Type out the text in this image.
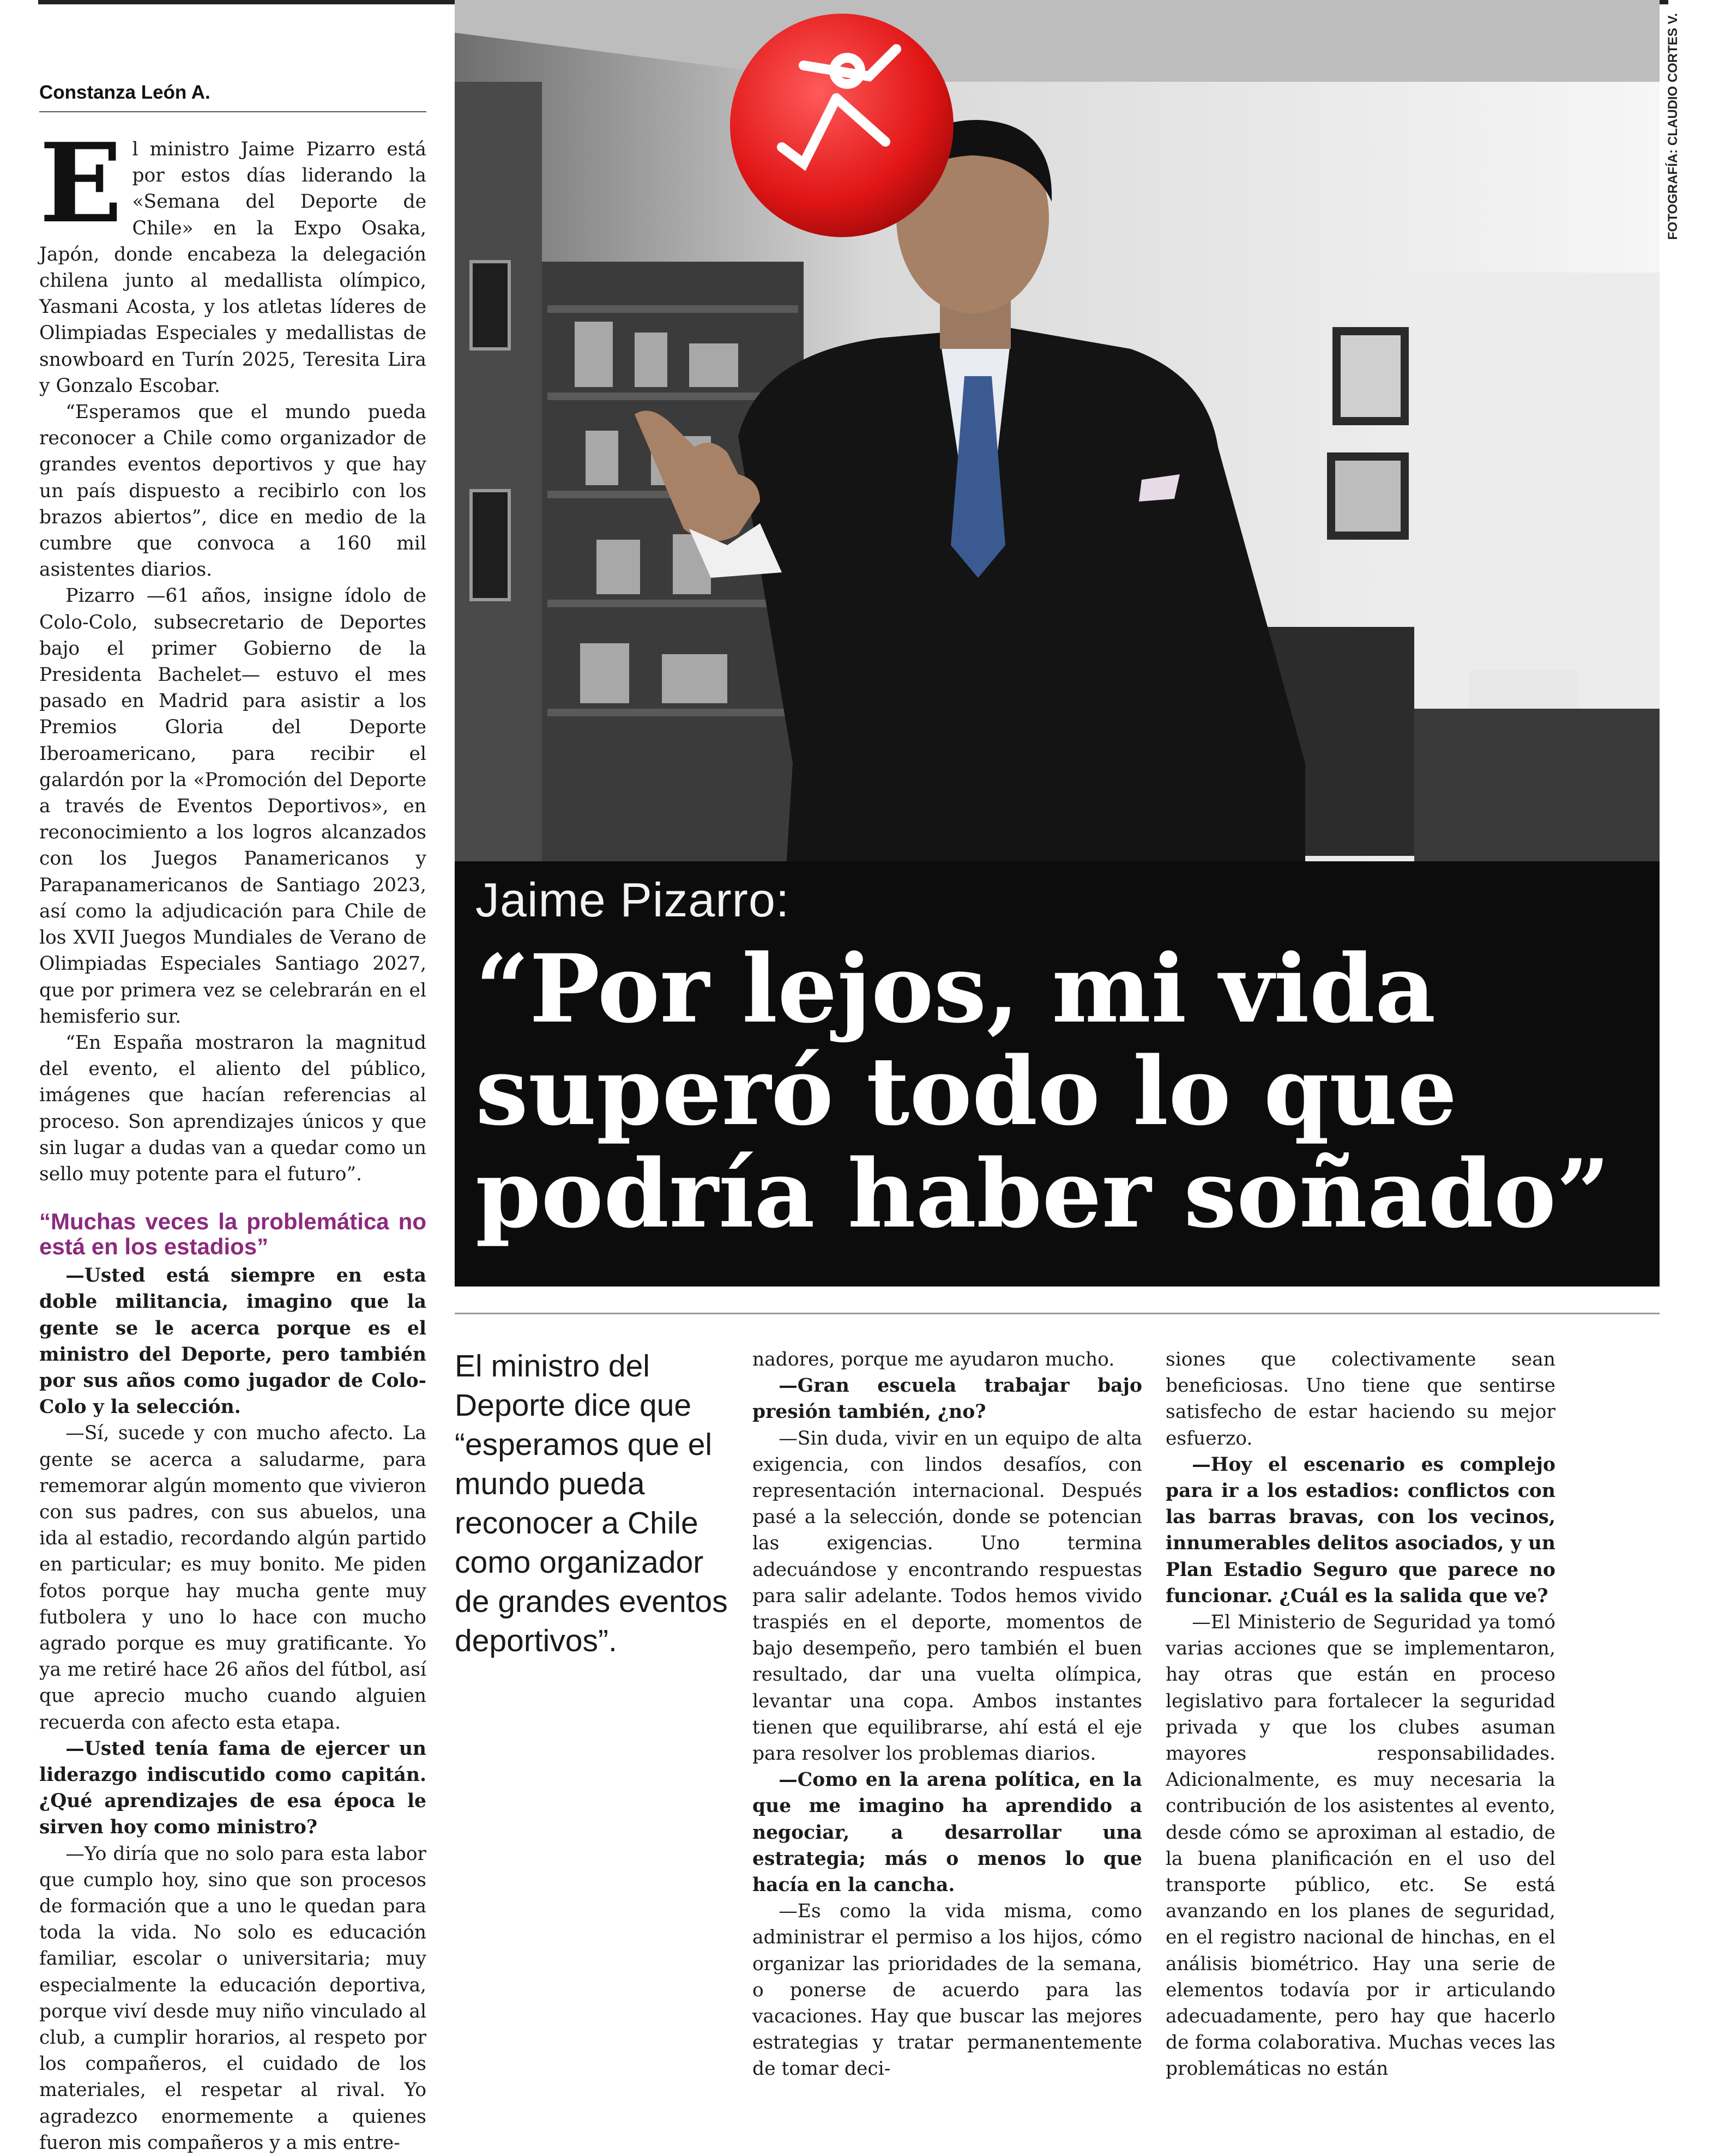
Constanza León A.

El ministro Jaime Pizarro está por estos días liderando la «Semana del Deporte de Chile» en la Expo Osaka, Japón, donde encabeza la delegación chilena junto al medallista olímpico, Yasmani Acosta, y los atletas líderes de Olimpiadas Especiales y medallistas de snowboard en Turín 2025, Teresita Lira y Gonzalo Escobar.

“Esperamos que el mundo pueda reconocer a Chile como organizador de grandes eventos deportivos y que hay un país dispuesto a recibirlo con los brazos abiertos”, dice en medio de la cumbre que convoca a 160 mil asistentes diarios.

Pizarro —61 años, insigne ídolo de Colo-Colo, subsecretario de Deportes bajo el primer Gobierno de la Presidenta Bachelet— estuvo el mes pasado en Madrid para asistir a los Premios Gloria del Deporte Iberoamericano, para recibir el galardón por la «Promoción del Deporte a través de Eventos Deportivos», en reconocimiento a los logros alcanzados con los Juegos Panamericanos y Parapanamericanos de Santiago 2023, así como la adjudicación para Chile de los XVII Juegos Mundiales de Verano de Olimpiadas Especiales Santiago 2027, que por primera vez se celebrarán en el hemisferio sur.

“En España mostraron la magnitud del evento, el aliento del público, imágenes que hacían referencias al proceso. Son aprendizajes únicos y que sin lugar a dudas van a quedar como un sello muy potente para el futuro”.

“Muchas veces la problemática no está en los estadios”

—Usted está siempre en esta doble militancia, imagino que la gente se le acerca porque es el ministro del Deporte, pero también por sus años como jugador de Colo-Colo y la selección.

—Sí, sucede y con mucho afecto. La gente se acerca a saludarme, para rememorar algún momento que vivieron con sus padres, con sus abuelos, una ida al estadio, recordando algún partido en particular; es muy bonito. Me piden fotos porque hay mucha gente muy futbolera y uno lo hace con mucho agrado porque es muy gratificante. Yo ya me retiré hace 26 años del fútbol, así que aprecio mucho cuando alguien recuerda con afecto esta etapa.

—Usted tenía fama de ejercer un liderazgo indiscutido como capitán. ¿Qué aprendizajes de esa época le sirven hoy como ministro?

—Yo diría que no solo para esta labor que cumplo hoy, sino que son procesos de formación que a uno le quedan para toda la vida. No solo es educación familiar, escolar o universitaria; muy especialmente la educación deportiva, porque viví desde muy niño vinculado al club, a cumplir horarios, al respeto por los compañeros, el cuidado de los materiales, el respetar al rival. Yo agradezco enormemente a quienes fueron mis compañeros y a mis entre-

FOTOGRAFÍA: CLAUDIO CORTES V.
Jaime Pizarro:
“Por lejos, mi vida
superó todo lo que
podría haber soñado”
El ministro del Deporte dice que “esperamos que el mundo pueda reconocer a Chile como organizador de grandes eventos deportivos”.

nadores, porque me ayudaron mucho.

—Gran escuela trabajar bajo presión también, ¿no?

—Sin duda, vivir en un equipo de alta exigencia, con lindos desafíos, con representación internacional. Después pasé a la selección, donde se potencian las exigencias. Uno termina adecuándose y encontrando respuestas para salir adelante. Todos hemos vivido traspiés en el deporte, momentos de bajo desempeño, pero también el buen resultado, dar una vuelta olímpica, levantar una copa. Ambos instantes tienen que equilibrarse, ahí está el eje para resolver los problemas diarios.

—Como en la arena política, en la que me imagino ha aprendido a negociar, a desarrollar una estrategia; más o menos lo que hacía en la cancha.

—Es como la vida misma, como administrar el permiso a los hijos, cómo organizar las prioridades de la semana, o ponerse de acuerdo para las vacaciones. Hay que buscar las mejores estrategias y tratar permanentemente de tomar deci-

siones que colectivamente sean beneficiosas. Uno tiene que sentirse satisfecho de estar haciendo su mejor esfuerzo.

—Hoy el escenario es complejo para ir a los estadios: conflictos con las barras bravas, con los vecinos, innumerables delitos asociados, y un Plan Estadio Seguro que parece no funcionar. ¿Cuál es la salida que ve?

—El Ministerio de Seguridad ya tomó varias acciones que se implementaron, hay otras que están en proceso legislativo para fortalecer la seguridad privada y que los clubes asuman mayores responsabilidades. Adicionalmente, es muy necesaria la contribución de los asistentes al evento, desde cómo se aproximan al estadio, de la buena planificación en el uso del transporte público, etc. Se está avanzando en los planes de seguridad, en el registro nacional de hinchas, en el análisis biométrico. Hay una serie de elementos todavía por ir articulando adecuadamente, pero hay que hacerlo de forma colaborativa. Muchas veces las problemáticas no están
